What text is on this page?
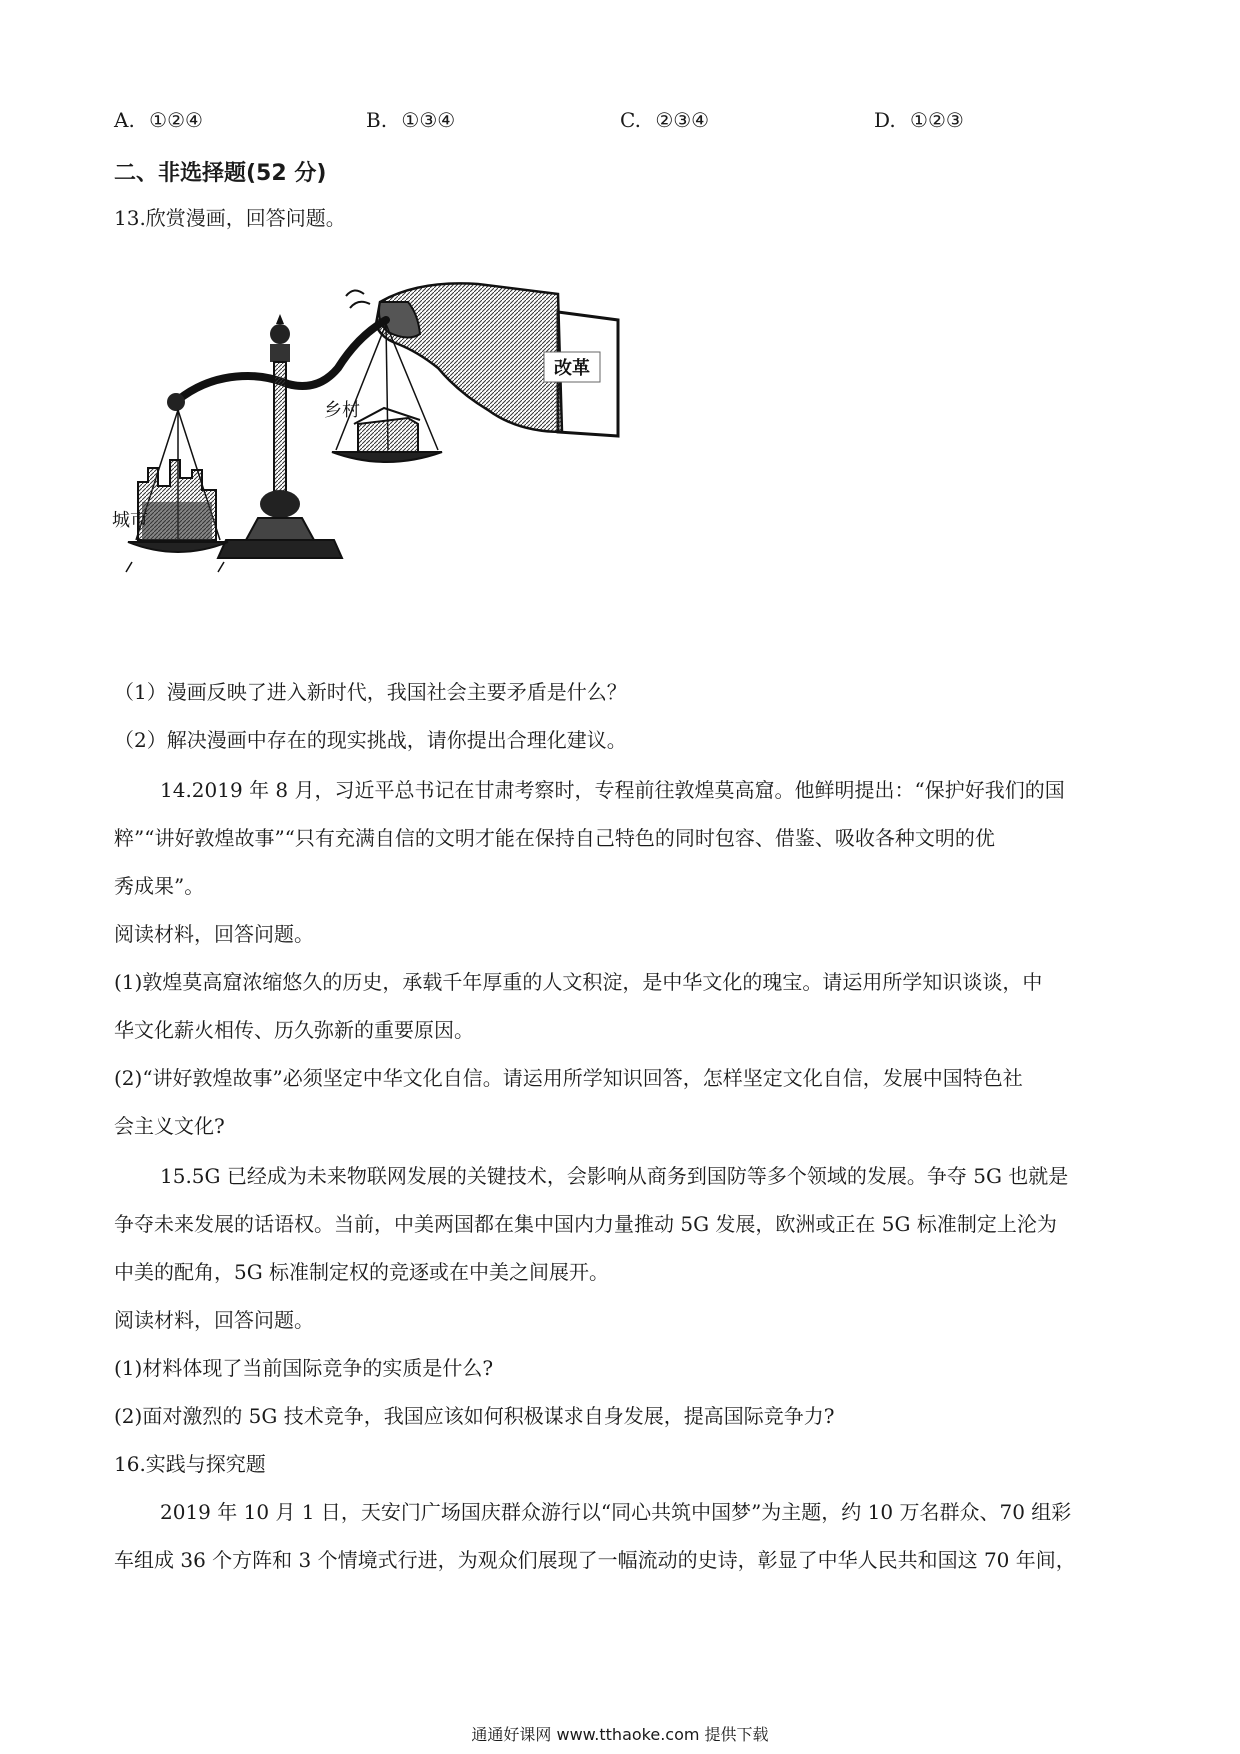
A. ①②④	B. ①③④	C. ②③④	D. ①②③
二、非选择题(52 分)
13.欣赏漫画，回答问题。
改革
乡村
城市
（1）漫画反映了进入新时代，我国社会主要矛盾是什么？
（2）解决漫画中存在的现实挑战，请你提出合理化建议。
14.2019 年 8 月，习近平总书记在甘肃考察时，专程前往敦煌莫高窟。他鲜明提出：“保护好我们的国
粹”“讲好敦煌故事”“只有充满自信的文明才能在保持自己特色的同时包容、借鉴、吸收各种文明的优
秀成果”。
阅读材料，回答问题。
(1)敦煌莫高窟浓缩悠久的历史，承载千年厚重的人文积淀，是中华文化的瑰宝。请运用所学知识谈谈，中
华文化薪火相传、历久弥新的重要原因。
(2)“讲好敦煌故事”必须坚定中华文化自信。请运用所学知识回答，怎样坚定文化自信，发展中国特色社
会主义文化?
15.5G 已经成为未来物联网发展的关键技术，会影响从商务到国防等多个领域的发展。争夺 5G 也就是
争夺未来发展的话语权。当前，中美两国都在集中国内力量推动 5G 发展，欧洲或正在 5G 标准制定上沦为
中美的配角，5G 标准制定权的竞逐或在中美之间展开。
阅读材料，回答问题。
(1)材料体现了当前国际竞争的实质是什么?
(2)面对激烈的 5G 技术竞争，我国应该如何积极谋求自身发展，提高国际竞争力?
16.实践与探究题
2019 年 10 月 1 日，天安门广场国庆群众游行以“同心共筑中国梦”为主题，约 10 万名群众、70 组彩
车组成 36 个方阵和 3 个情境式行进，为观众们展现了一幅流动的史诗，彰显了中华人民共和国这 70 年间，
通通好课网 www.tthaoke.com 提供下载
